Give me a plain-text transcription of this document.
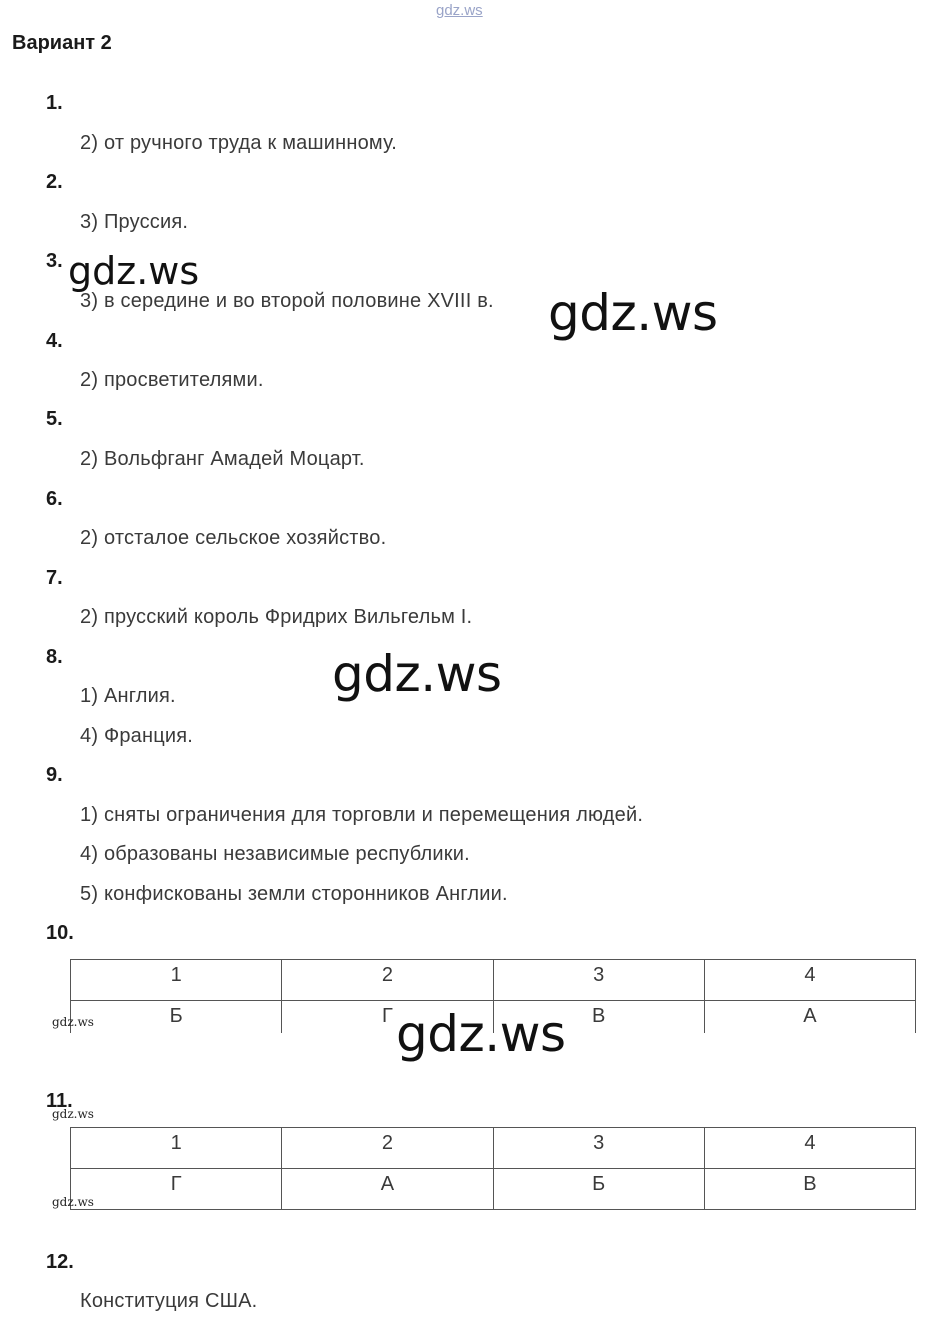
gdz.ws
Вариант 2
1.
2) от ручного труда к машинному.
2.
3) Пруссия.
3.
3) в середине и во второй половине XVIII в.
4.
2) просветителями.
5.
2) Вольфганг Амадей Моцарт.
6.
2) отсталое сельское хозяйство.
7.
2) прусский король Фридрих Вильгельм I.
8.
1) Англия.
4) Франция.
9.
1) сняты ограничения для торговли и перемещения людей.
4) образованы независимые республики.
5) конфискованы земли сторонников Англии.
10.
1	2	3	4
Б	Г	В	А
11.
1	2	3	4
Г	А	Б	В
12.
Конституция США.
gdz.ws
gdz.ws
gdz.ws
gdz.ws
gdz.ws
gdz.ws
gdz.ws
